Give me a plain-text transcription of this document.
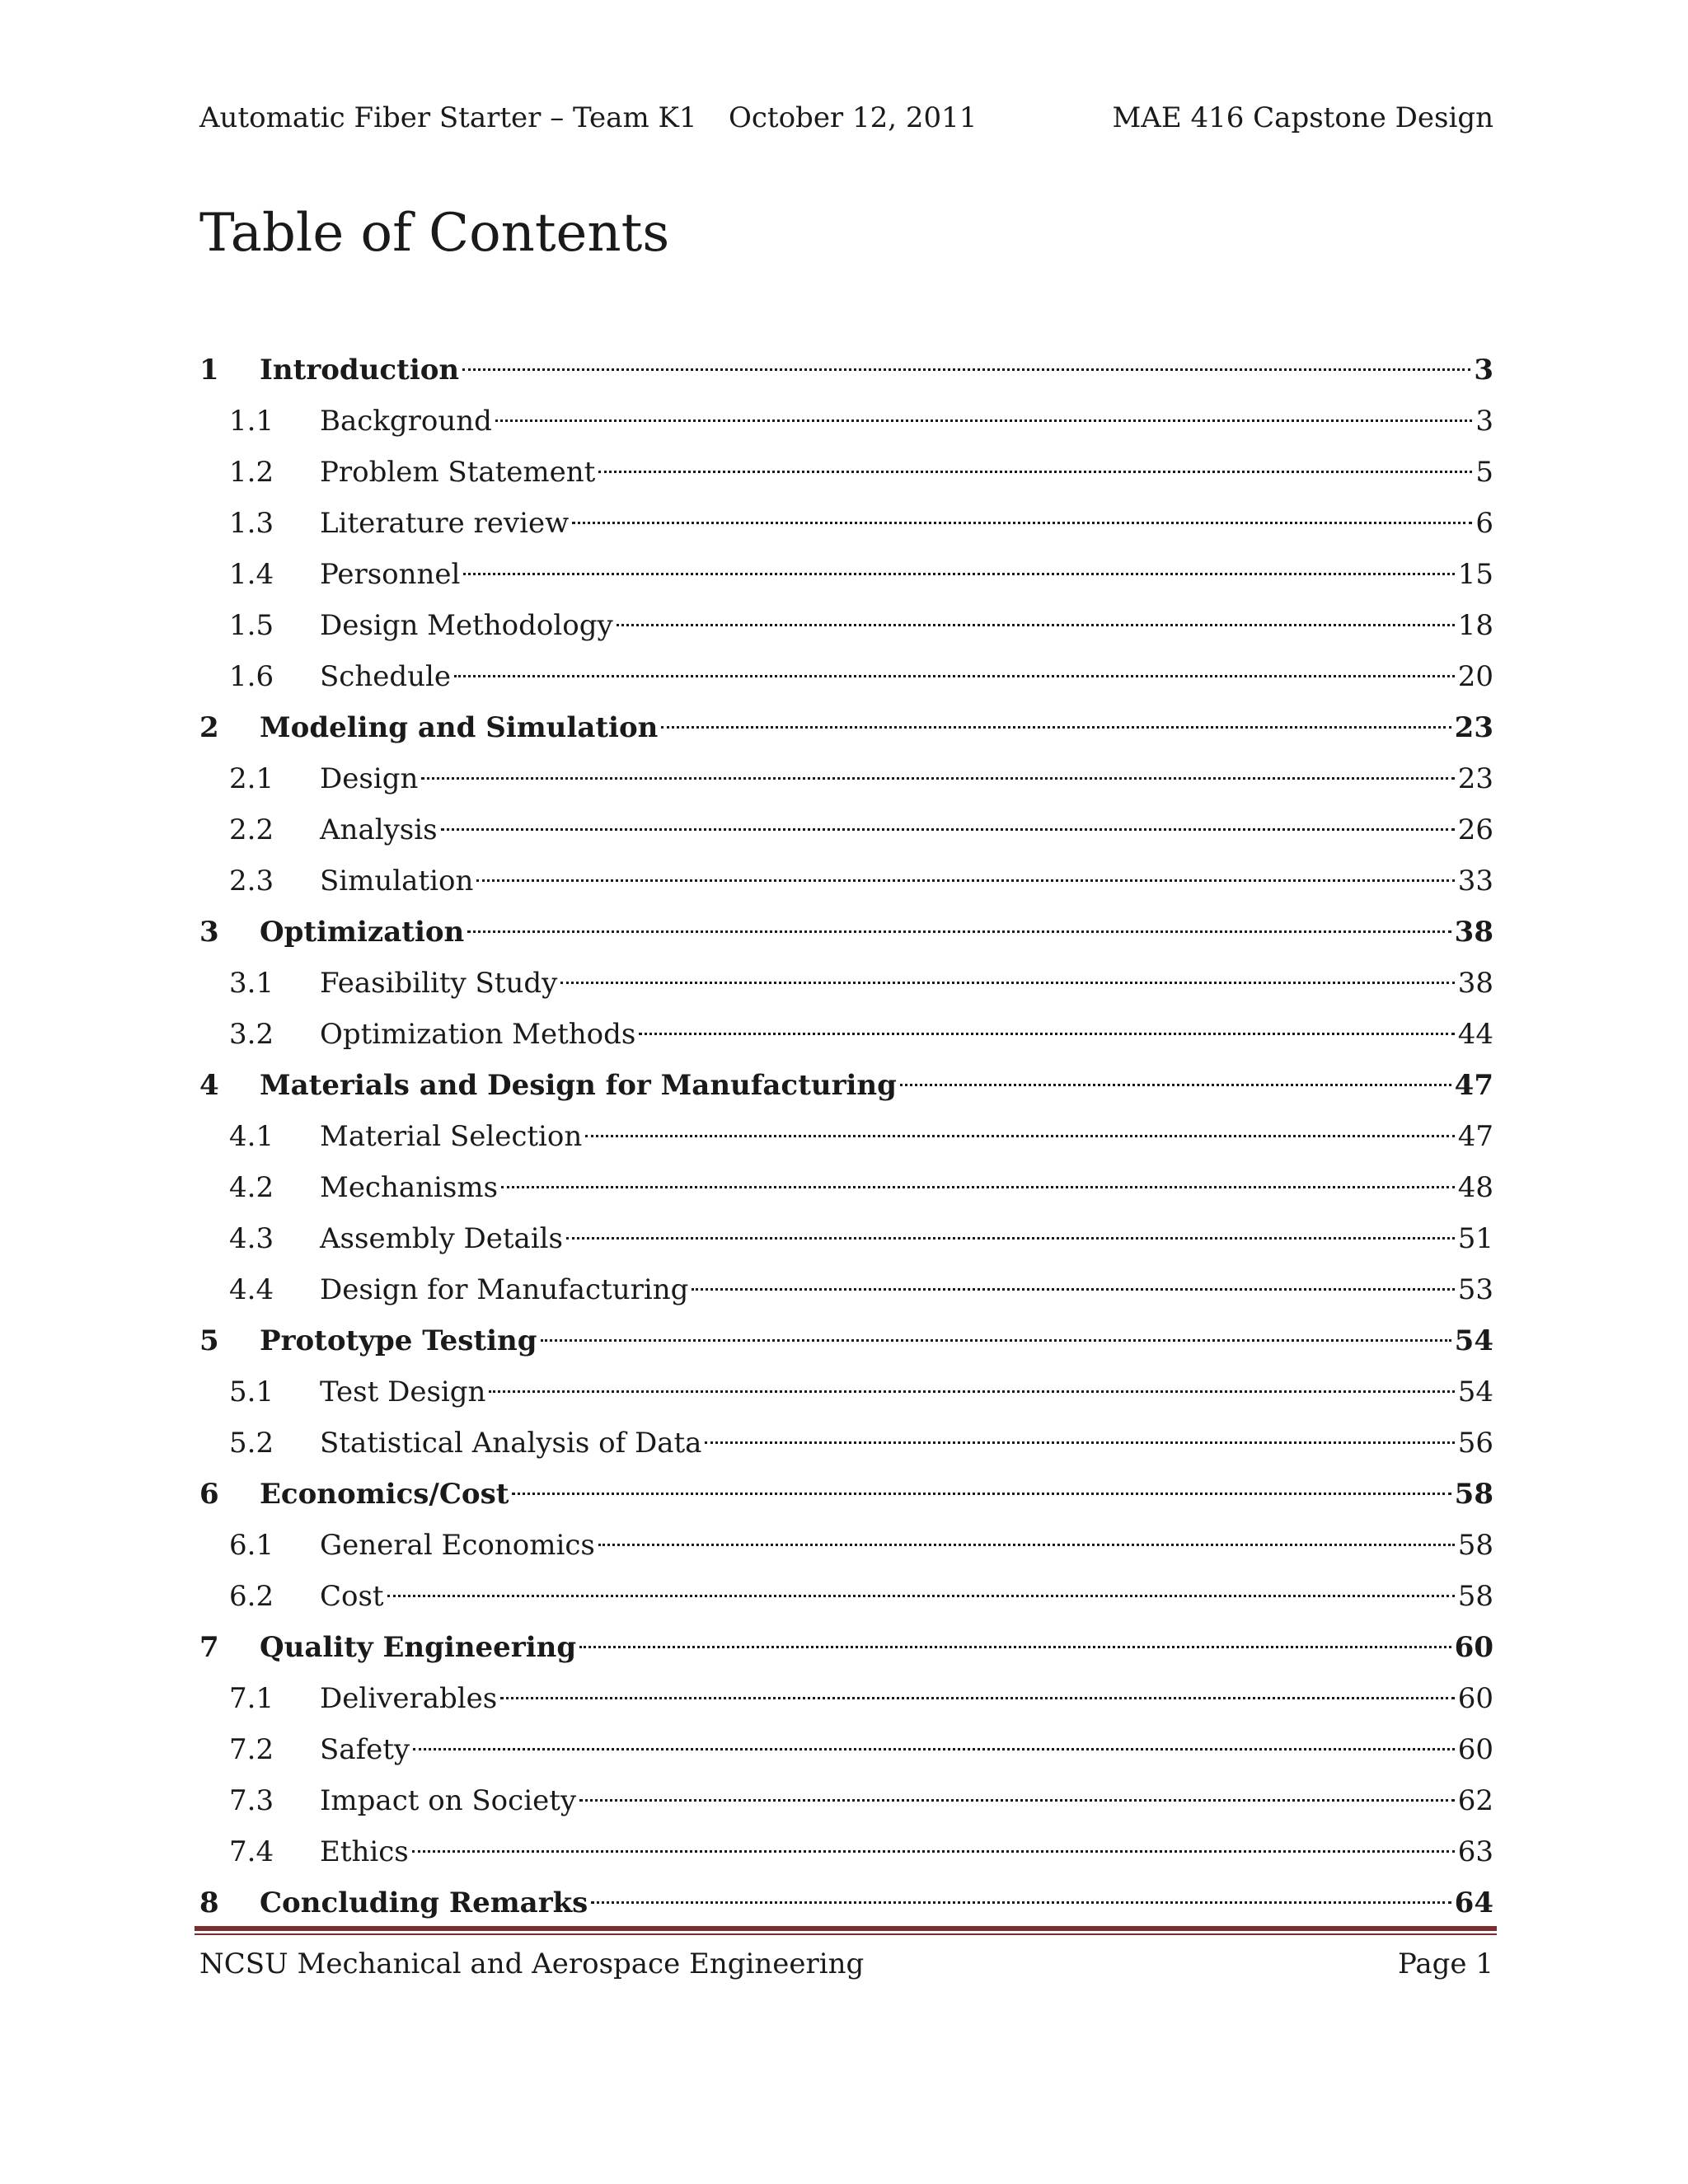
Automatic Fiber Starter – Team K1 October 12, 2011	MAE 416 Capstone Design
Table of Contents
1 Introduction	3
1.1 Background	3
1.2 Problem Statement	5
1.3 Literature review	6
1.4 Personnel	15
1.5 Design Methodology	18
1.6 Schedule	20
2 Modeling and Simulation	23
2.1 Design	23
2.2 Analysis	26
2.3 Simulation	33
3 Optimization	38
3.1 Feasibility Study	38
3.2 Optimization Methods	44
4 Materials and Design for Manufacturing	47
4.1 Material Selection	47
4.2 Mechanisms	48
4.3 Assembly Details	51
4.4 Design for Manufacturing	53
5 Prototype Testing	54
5.1 Test Design	54
5.2 Statistical Analysis of Data	56
6 Economics/Cost	58
6.1 General Economics	58
6.2 Cost	58
7 Quality Engineering	60
7.1 Deliverables	60
7.2 Safety	60
7.3 Impact on Society	62
7.4 Ethics	63
8 Concluding Remarks	64
NCSU Mechanical and Aerospace Engineering	Page 1
